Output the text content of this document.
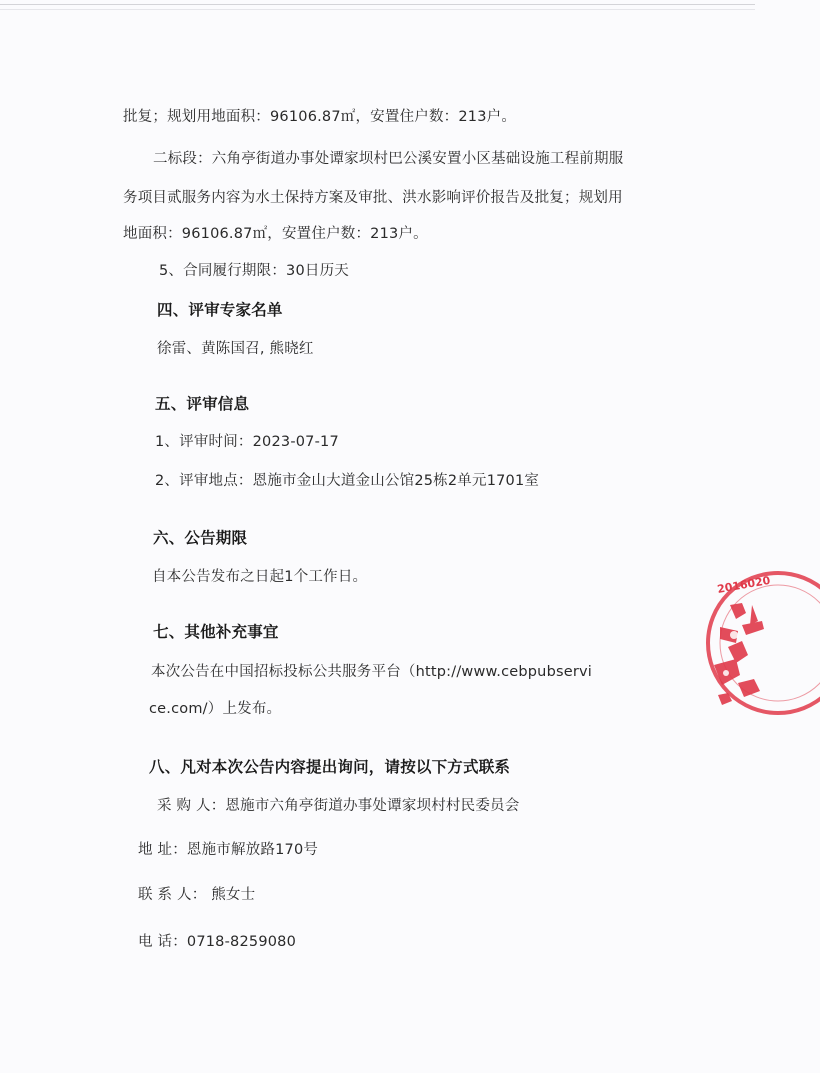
批复；规划用地面积：96106.87㎡，安置住户数：213户。
二标段：六角亭街道办事处谭家坝村巴公溪安置小区基础设施工程前期服
务项目贰服务内容为水土保持方案及审批、洪水影响评价报告及批复；规划用
地面积：96106.87㎡，安置住户数：213户。
5、合同履行期限：30日历天
四、评审专家名单
徐雷、黄陈国召, 熊晓红
五、评审信息
1、评审时间：2023-07-17
2、评审地点：恩施市金山大道金山公馆25栋2单元1701室
六、公告期限
自本公告发布之日起1个工作日。
七、其他补充事宜
本次公告在中国招标投标公共服务平台（http://www.cebpubservi
ce.com/）上发布。
八、凡对本次公告内容提出询问，请按以下方式联系
采 购 人：恩施市六角亭街道办事处谭家坝村村民委员会
地 址：恩施市解放路170号
联 系 人： 熊女士
电 话：0718-8259080
2016020
